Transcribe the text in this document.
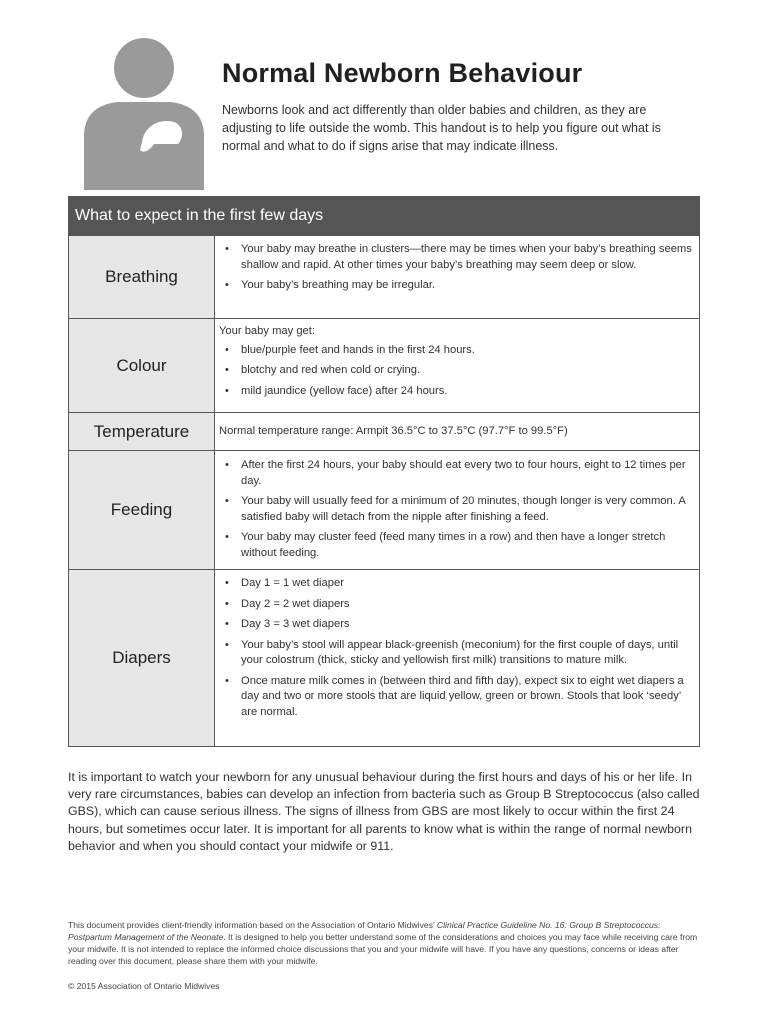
Normal Newborn Behaviour

Newborns look and act differently than older babies and children, as they are adjusting to life outside the womb. This handout is to help you figure out what is normal and what to do if signs arise that may indicate illness.

What to expect in the first few days
Breathing
• Your baby may breathe in clusters—there may be times when your baby’s breathing seems shallow and rapid. At other times your baby’s breathing may seem deep or slow.
• Your baby’s breathing may be irregular.
Colour

Your baby may get:

• blue/purple feet and hands in the first 24 hours.
• blotchy and red when cold or crying.
• mild jaundice (yellow face) after 24 hours.
Temperature	Normal temperature range: Armpit 36.5°C to 37.5°C (97.7°F to 99.5°F)
Feeding
• After the first 24 hours, your baby should eat every two to four hours, eight to 12 times per day.
• Your baby will usually feed for a minimum of 20 minutes, though longer is very common. A satisfied baby will detach from the nipple after finishing a feed.
• Your baby may cluster feed (feed many times in a row) and then have a longer stretch without feeding.
Diapers
• Day 1 = 1 wet diaper
• Day 2 = 2 wet diapers
• Day 3 = 3 wet diapers
• Your baby’s stool will appear black-greenish (meconium) for the first couple of days, until your colostrum (thick, sticky and yellowish first milk) transitions to mature milk.
• Once mature milk comes in (between third and fifth day), expect six to eight wet diapers a day and two or more stools that are liquid yellow, green or brown. Stools that look ‘seedy’ are normal.

It is important to watch your newborn for any unusual behaviour during the first hours and days of his or her life. In very rare circumstances, babies can develop an infection from bacteria such as Group B Streptococcus (also called GBS), which can cause serious illness. The signs of illness from GBS are most likely to occur within the first 24 hours, but sometimes occur later. It is important for all parents to know what is within the range of normal newborn behavior and when you should contact your midwife or 911.

This document provides client-friendly information based on the Association of Ontario Midwives’ Clinical Practice Guideline No. 16: Group B Streptococcus: Postpartum Management of the Neonate. It is designed to help you better understand some of the considerations and choices you may face while receiving care from your midwife. It is not intended to replace the informed choice discussions that you and your midwife will have. If you have any questions, concerns or ideas after reading over this document, please share them with your midwife.

© 2015 Association of Ontario Midwives
